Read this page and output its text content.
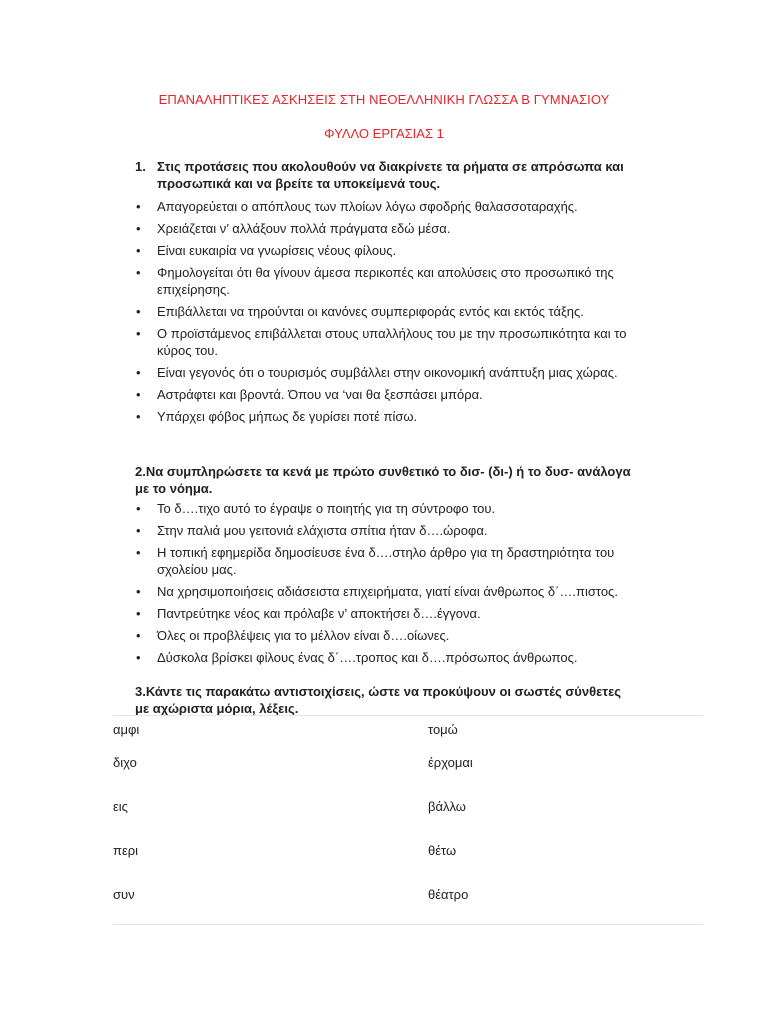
ΕΠΑΝΑΛΗΠΤΙΚΕΣ ΑΣΚΗΣΕΙΣ ΣΤΗ ΝΕΟΕΛΛΗΝΙΚΗ ΓΛΩΣΣΑ Β ΓΥΜΝΑΣΙΟΥ
ΦΥΛΛΟ ΕΡΓΑΣΙΑΣ 1
1. Στις προτάσεις που ακολουθούν να διακρίνετε τα ρήματα σε απρόσωπα και προσωπικά και να βρείτε τα υποκείμενά τους.
• Απαγορεύεται ο απόπλους των πλοίων λόγω σφοδρής θαλασσοταραχής.
• Χρειάζεται ν’ αλλάξουν πολλά πράγματα εδώ μέσα.
• Είναι ευκαιρία να γνωρίσεις νέους φίλους.
• Φημολογείται ότι θα γίνουν άμεσα περικοπές και απολύσεις στο προσωπικό της επιχείρησης.
• Επιβάλλεται να τηρούνται οι κανόνες συμπεριφοράς εντός και εκτός τάξης.
• Ο προϊστάμενος επιβάλλεται στους υπαλλήλους του με την προσωπικότητα και το κύρος του.
• Είναι γεγονός ότι ο τουρισμός συμβάλλει στην οικονομική ανάπτυξη μιας χώρας.
• Αστράφτει και βροντά. Όπου να ‘ναι θα ξεσπάσει μπόρα.
• Υπάρχει φόβος μήπως δε γυρίσει ποτέ πίσω.
2.Να συμπληρώσετε τα κενά με πρώτο συνθετικό το δισ- (δι-) ή το δυσ- ανάλογα με το νόημα.
• Το δ….τιχο αυτό το έγραψε ο ποιητής για τη σύντροφο του.
• Στην παλιά μου γειτονιά ελάχιστα σπίτια ήταν δ….ώροφα.
• Η τοπική εφημερίδα δημοσίευσε ένα δ….στηλο άρθρο για τη δραστηριότητα του σχολείου μας.
• Να χρησιμοποιήσεις αδιάσειστα επιχειρήματα, γιατί είναι άνθρωπος δ΄….πιστος.
• Παντρεύτηκε νέος και πρόλαβε ν’ αποκτήσει δ….έγγονα.
• Όλες οι προβλέψεις για το μέλλον είναι δ….οίωνες.
• Δύσκολα βρίσκει φίλους ένας δ΄….τροπος και δ….πρόσωπος άνθρωπος.
3.Κάντε τις παρακάτω αντιστοιχίσεις, ώστε να προκύψουν οι σωστές σύνθετες με αχώριστα μόρια, λέξεις.
αμφι	τομώ
διχο	έρχομαι
εις	βάλλω
περι	θέτω
συν	θέατρο
